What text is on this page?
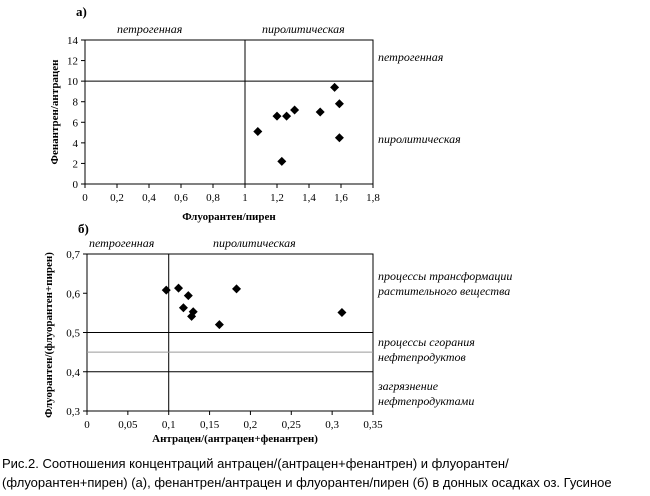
а)
0 0,2 0,4 0,6 0,8 1 1,2 1,4 1,6 1,8
0
2
4
6
8
10
12
14
петрогенная	пиролитическая
петрогенная
пиролитическая
Флуорантен/пирен
Фенантрен/антрацен
б)
0	0,05 0,1 0,15 0,2 0,25 0,3 0,35
0,3
0,4
0,5
0,6
0,7
петрогенная	пиролитическая
процессы трансформации
растительного вещества
процессы сгорания
нефтепродуктов
загрязнение
нефтепродуктами
Антрацен/(антрацен+фенантрен)
Флуорантен/(флуорантен+пирен)
Рис.2. Соотношения концентраций антрацен/(антрацен+фенантрен) и флуорантен/
(флуорантен+пирен) (а), фенантрен/антрацен и флуорантен/пирен (б) в донных осадках оз. Гусиное
